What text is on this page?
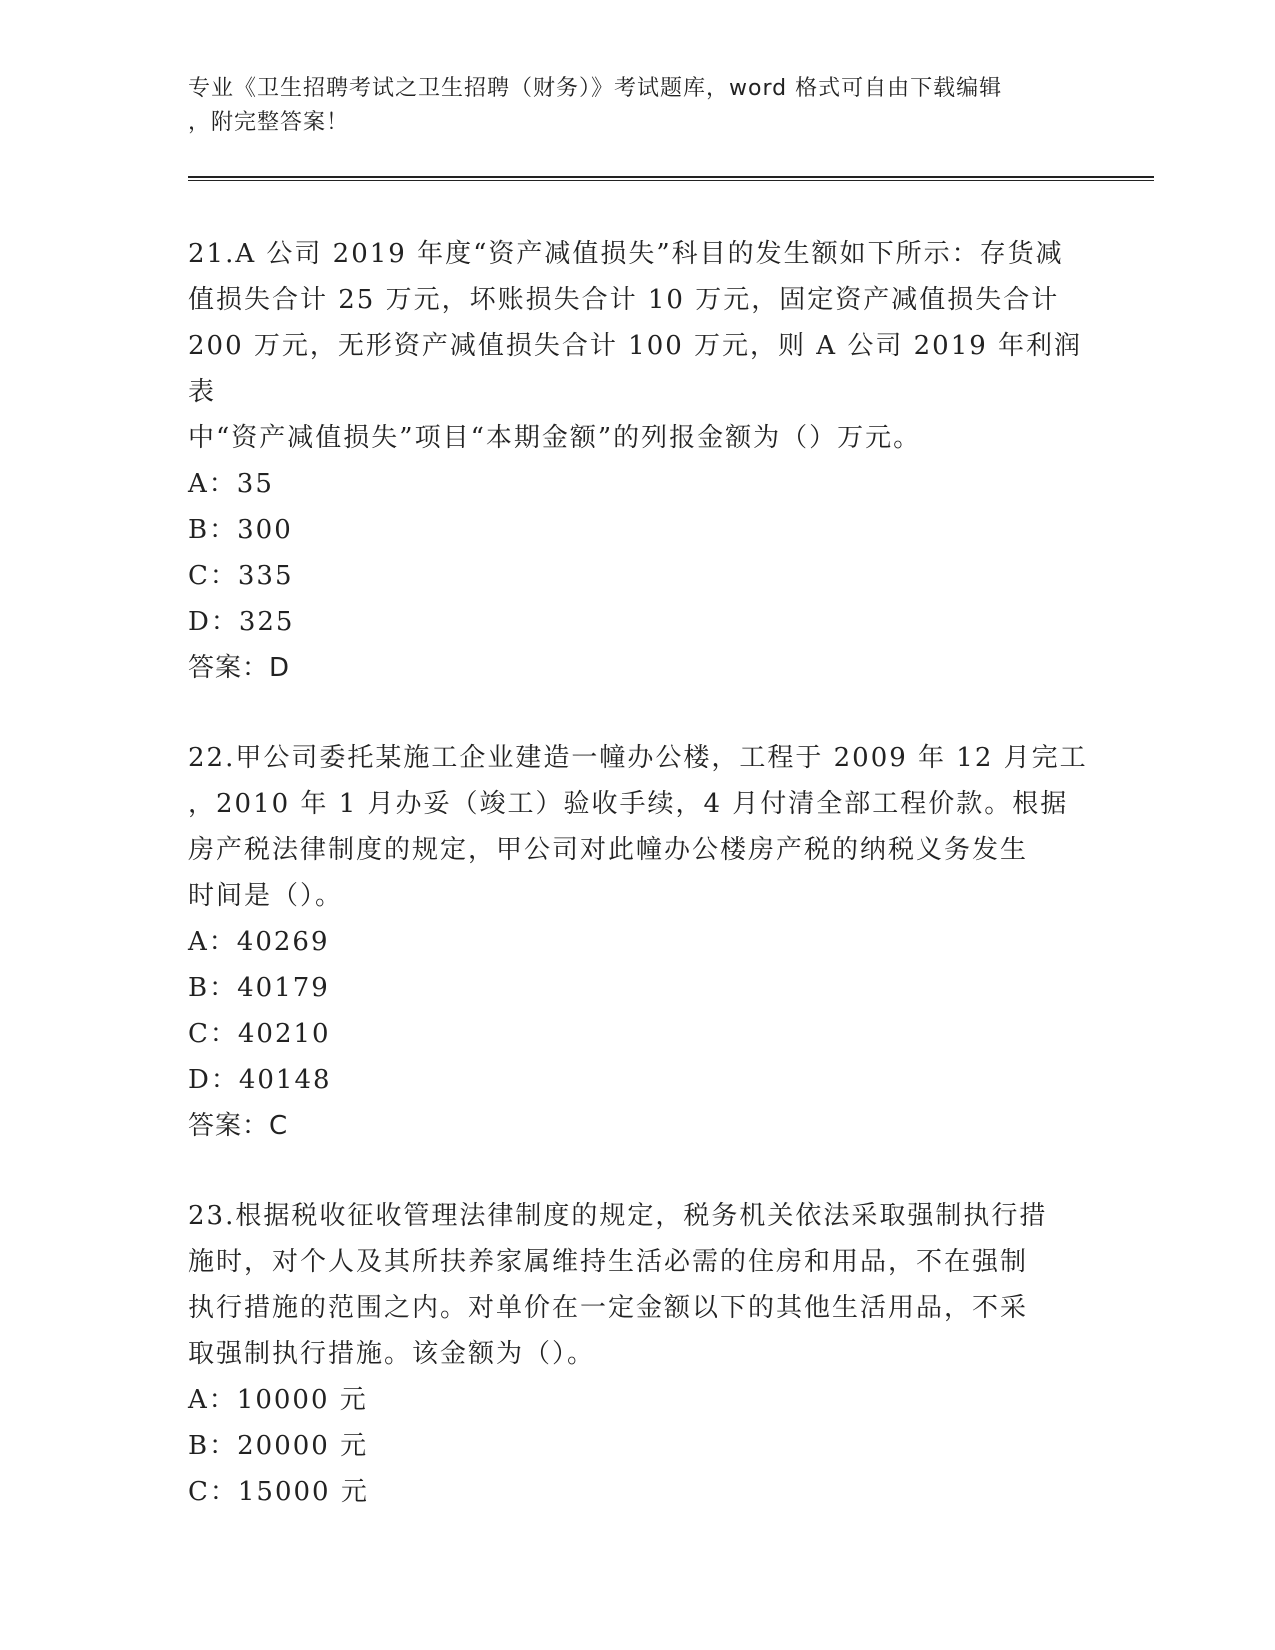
专业《卫生招聘考试之卫生招聘（财务）》考试题库，word 格式可自由下载编辑
，附完整答案！
21.A 公司 2019 年度“资产减值损失”科目的发生额如下所示：存货减
值损失合计 25 万元，坏账损失合计 10 万元，固定资产减值损失合计
200 万元，无形资产减值损失合计 100 万元，则 A 公司 2019 年利润表
中“资产减值损失”项目“本期金额”的列报金额为（）万元。
A：35
B：300
C：335
D：325
答案：D
22.甲公司委托某施工企业建造一幢办公楼，工程于 2009 年 12 月完工
，2010 年 1 月办妥（竣工）验收手续，4 月付清全部工程价款。根据
房产税法律制度的规定，甲公司对此幢办公楼房产税的纳税义务发生
时间是（）。
A：40269
B：40179
C：40210
D：40148
答案：C
23.根据税收征收管理法律制度的规定，税务机关依法采取强制执行措
施时，对个人及其所扶养家属维持生活必需的住房和用品，不在强制
执行措施的范围之内。对单价在一定金额以下的其他生活用品，不采
取强制执行措施。该金额为（）。
A：10000 元
B：20000 元
C：15000 元
